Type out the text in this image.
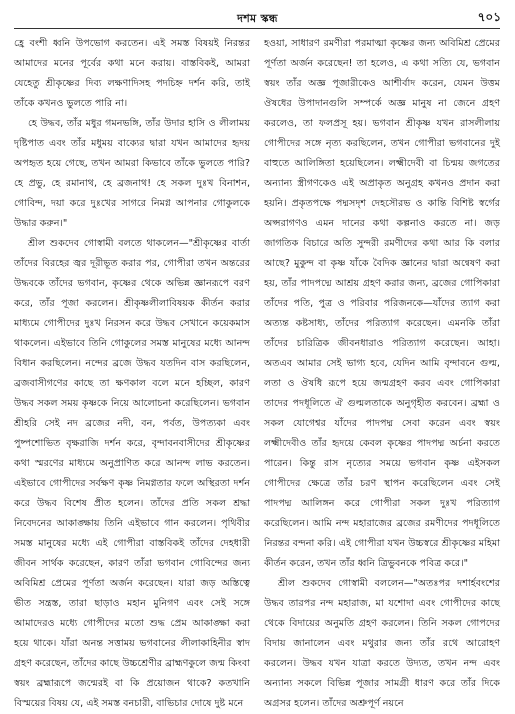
দশম স্কন্ধ	৭০১

হ্রে বংশী ধ্বনি উপভোগ করতেন। এই সমস্ত বিষয়ই নিরন্তর আমাদের মনের পূর্বের কথা মনে করায়। বাস্তবিকই, আমরা যেহেতু শ্রীকৃষ্ণের দিব্য লক্ষণাদিসহ পদচিহ্ন দর্শন করি, তাই তাঁকে কখনও ভুলতে পারি না।

হে উদ্ধব, তাঁর মধুর গমনভঙ্গি, তাঁর উদার হাসি ও লীলাময় দৃষ্টিপাত এবং তাঁর মধুময় বাক্যের দ্বারা যখন আমাদের হৃদয় অপহৃত হয়ে গেছে, তখন আমরা কিভাবে তাঁকে ভুলতে পারি? হে প্রভু, হে রমানাথ, হে ব্রজনাথ! হে সকল দুঃখ বিনাশন, গোবিন্দ, দয়া করে দুঃখের সাগরে নিমগ্ন আপনার গোকুলকে উদ্ধার করুন।"

শ্রীল শুকদেব গোস্বামী বলতে থাকলেন—"শ্রীকৃষ্ণের বার্তা তাঁদের বিরহের জ্বর দূরীভূত করার পর, গোপীরা তখন অন্তরের উদ্ধবকে তাঁদের ভগবান, কৃষ্ণের থেকে অভিন্ন জ্ঞানরূপে বরণ করে, তাঁর পূজা করলেন। শ্রীকৃষ্ণলীলাবিষয়ক কীর্তন করার মাধ্যমে গোপীদের দুঃখ নিরসন করে উদ্ধব সেখানে কয়েকমাস থাকলেন। এইভাবে তিনি গোকুলের সমস্ত মানুষের মধ্যে আনন্দ বিধান করছিলেন। নন্দের ব্রজে উদ্ধব যতদিন বাস করছিলেন, ব্রজবাসীগণের কাছে তা ক্ষণকাল বলে মনে হচ্ছিল, কারণ উদ্ধব সকল সময় কৃষ্ণকে নিয়ে আলোচনা করেছিলেন। ভগবান শ্রীহরি সেই নদ ব্রজের নদী, বন, পর্বত, উপত্যকা এবং পুষ্পশোভিত বৃক্ষরাজি দর্শন করে, বৃন্দাবনবাসীদের শ্রীকৃষ্ণের কথা স্মরণের মাধ্যমে অনুপ্রাণিত করে আনন্দ লাভ করতেন। এইভাবে গোপীদের সর্বক্ষণ কৃষ্ণ নিমগ্নতার ফলে অস্থিরতা দর্শন করে উদ্ধব বিশেষ প্রীত হলেন। তাঁদের প্রতি সকল শ্রদ্ধা নিবেদনের আকাঙ্ক্ষায় তিনি এইভাবে গান করলেন। পৃথিবীর সমস্ত মানুষের মধ্যে এই গোপীরা বাস্তবিকই তাঁদের দেহধারী জীবন সার্থক করেছেন, কারণ তাঁরা ভগবান গোবিন্দের জন্য অবিমিশ্র প্রেমের পূর্ণতা অর্জন করেছেন। যারা জড় অস্তিত্বে ভীত সন্ত্রস্ত, তারা ছাড়াও মহান মুনিগণ এবং সেই সঙ্গে আমাদেরও মধ্যে গোপীদের মতো শুদ্ধ প্রেম আকাঙ্ক্ষা করা হয়ে থাকে। যাঁরা অনন্ত সত্তাময় ভগবানের লীলাকাহিনীর স্বাদ গ্রহণ করেছেন, তাঁদের কাছে উচ্চশ্রেণীর ব্রাহ্মণকুলে জন্ম কিংবা স্বয়ং ব্রহ্মারূপে জন্মেরই বা কি প্রয়োজন থাকে? কতখানি বিস্ময়ের বিষয় যে, এই সমস্ত বনচারী, বাভিচার দোষে দুষ্ট মনে

হওয়া, সাধারণ রমণীরা পরমাত্মা কৃষ্ণের জন্য অবিমিশ্র প্রেমের পূর্ণতা অর্জন করেছেন! তা হলেও, এ কথা সত্যি যে, ভগবান স্বয়ং তাঁর অজ্ঞ পূজারীকেও আশীর্বাদ করেন, যেমন উত্তম ঔষধের উপাদানগুলি সম্পর্কে অজ্ঞ মানুষ না জেনে গ্রহণ করলেও, তা ফলপ্রসূ হয়। ভগবান শ্রীকৃষ্ণ যখন রাসলীলায় গোপীদের সঙ্গে নৃত্য করছিলেন, তখন গোপীরা ভগবানের দুই বাহুতে আলিঙ্গিতা হয়েছিলেন। লক্ষ্মীদেবী বা চিন্ময় জগতের অন্যান্য স্ত্রীগণকেও এই অপ্রাকৃত অনুগ্রহ কখনও প্রদান করা হয়নি। প্রকৃতপক্ষে পদ্মসদৃশ দেহসৌরভ ও কান্তি বিশিষ্ট স্বর্গের অপ্সরাগণও এমন দানের কথা কল্পনাও করতে না। জড় জাগতিক বিচারে অতি সুন্দরী রমণীদের কথা আর কি বলার আছে? মুকুন্দ বা কৃষ্ণ যাঁকে বৈদিক জ্ঞানের দ্বারা অন্বেষণ করা হয়, তাঁর পাদপদ্মে আশ্রয় গ্রহণ করার জন্য, ব্রজের গোপিকারা তাঁদের পতি, পুত্র ও পরিবার পরিজনকে—যাঁদের ত্যাগ করা অত্যন্ত কষ্টসাধ্য, তাঁদের পরিত্যাগ করেছেন। এমনকি তাঁরা তাঁদের চারিত্রিক জীবনধারাও পরিত্যাগ করেছেন। আহা। অতএব আমার সেই ভাগ্য হবে, যেদিন আমি বৃন্দাবনে গুল্ম, লতা ও ঔষধি রূপে হয়ে জন্মগ্রহণ করব এবং গোপিকারা তাদের পদধূলিতে ঐ গুল্মলতাকে অনুগৃহীত করবেন। ব্রহ্মা ও সকল যোগেশ্বর যাঁদের পাদপদ্ম সেবা করেন এবং স্বয়ং লক্ষ্মীদেবীও তাঁর হৃদয়ে কেবল কৃষ্ণের পাদপদ্ম অর্চনা করতে পারেন। কিন্তু রাস নৃত্যের সময়ে ভগবান কৃষ্ণ এইসকল গোপীদের ক্ষেত্রে তাঁর চরণ স্থাপন করেছিলেন এবং সেই পাদপদ্ম আলিঙ্গন করে গোপীরা সকল দুঃখ পরিত্যাগ করেছিলেন। আমি নন্দ মহারাজের ব্রজের রমণীদের পদধূলিতে নিরন্তর বন্দনা করি। এই গোপীরা যখন উচ্চস্বরে শ্রীকৃষ্ণের মহিমা কীর্তন করেন, তখন তাঁর ধ্বনি ত্রিভুবনকে পবিত্র করে।"

শ্রীল শুকদেব গোস্বামী বললেন—"অতঃপর দশার্হবংশের উদ্ধব তারপর নন্দ মহারাজ, মা যশোদা এবং গোপীদের কাছে থেকে বিদায়ের অনুমতি গ্রহণ করলেন। তিনি সকল গোপদের বিদায় জানালেন এবং মথুরার জন্য তাঁর রথে আরোহণ করলেন। উদ্ধব যখন যাত্রা করতে উদ্যত, তখন নন্দ এবং অন্যান্য সকলে বিভিন্ন পূজার সামগ্রী ধারণ করে তাঁর দিকে অগ্রসর হলেন। তাঁদের অশ্রুপূর্ণ নয়নে
